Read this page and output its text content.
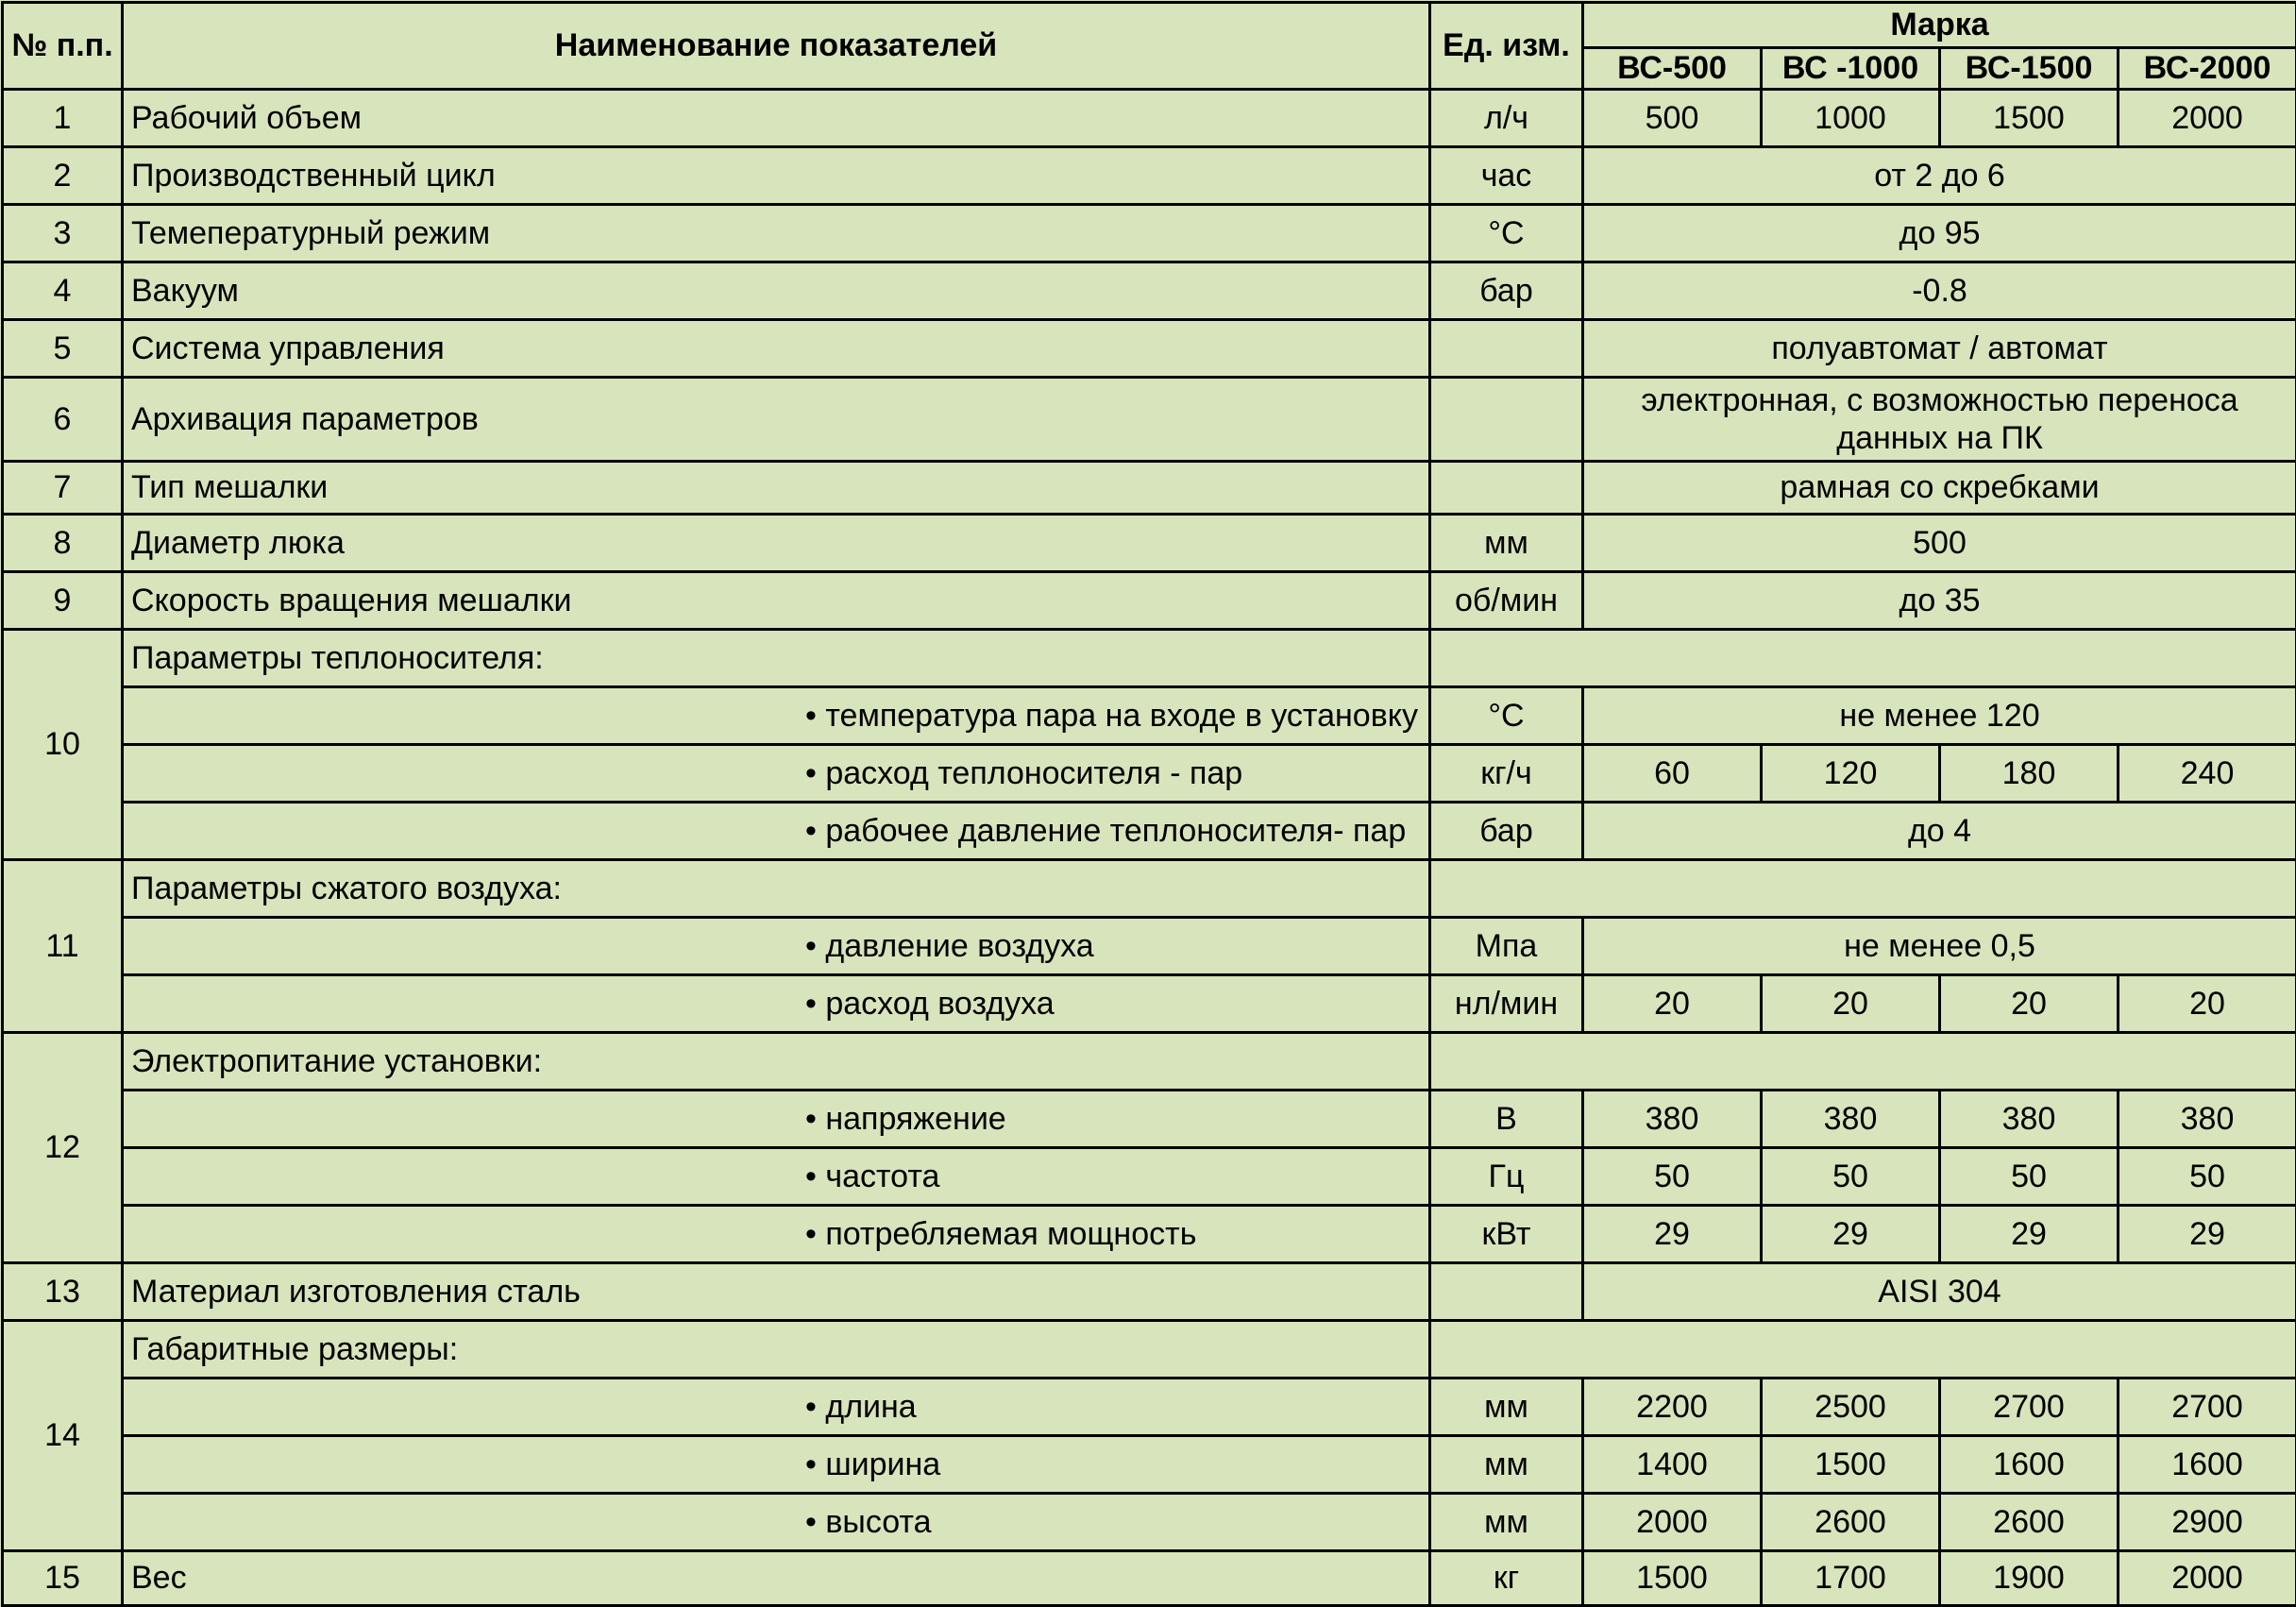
№ п.п.	Наименование показателей	Ед. изм.	Марка			
			ВС-500	ВС -1000	ВС-1500	ВС-2000
1	Рабочий объем	л/ч	500	1000	1500	2000
2	Производственный цикл	час	от 2 до 6			
3	Темепературный режим	°С	до 95			
4	Вакуум	бар	-0.8			
5	Система управления		полуавтомат / автомат			
6	Архивация параметров		электронная, с возможностью переноса данных на ПК			
7	Тип мешалки		рамная со скребками			
8	Диаметр люка	мм	500			
9	Скорость вращения мешалки	об/мин	до 35			
10	Параметры теплоносителя:					
	• температура пара на входе в установку	°С	не менее 120			
	• расход теплоносителя - пар	кг/ч	60	120	180	240
	• рабочее давление теплоносителя- пар	бар	до 4			
11	Параметры сжатого воздуха:					
	• давление воздуха	Мпа	не менее 0,5			
	• расход воздуха	нл/мин	20	20	20	20
12	Электропитание установки:					
	• напряжение	В	380	380	380	380
	• частота	Гц	50	50	50	50
	• потребляемая мощность	кВт	29	29	29	29
13	Материал изготовления сталь		AISI 304			
14	Габаритные размеры:					
	• длина	мм	2200	2500	2700	2700
	• ширина	мм	1400	1500	1600	1600
	• высота	мм	2000	2600	2600	2900
15	Вес	кг	1500	1700	1900	2000
